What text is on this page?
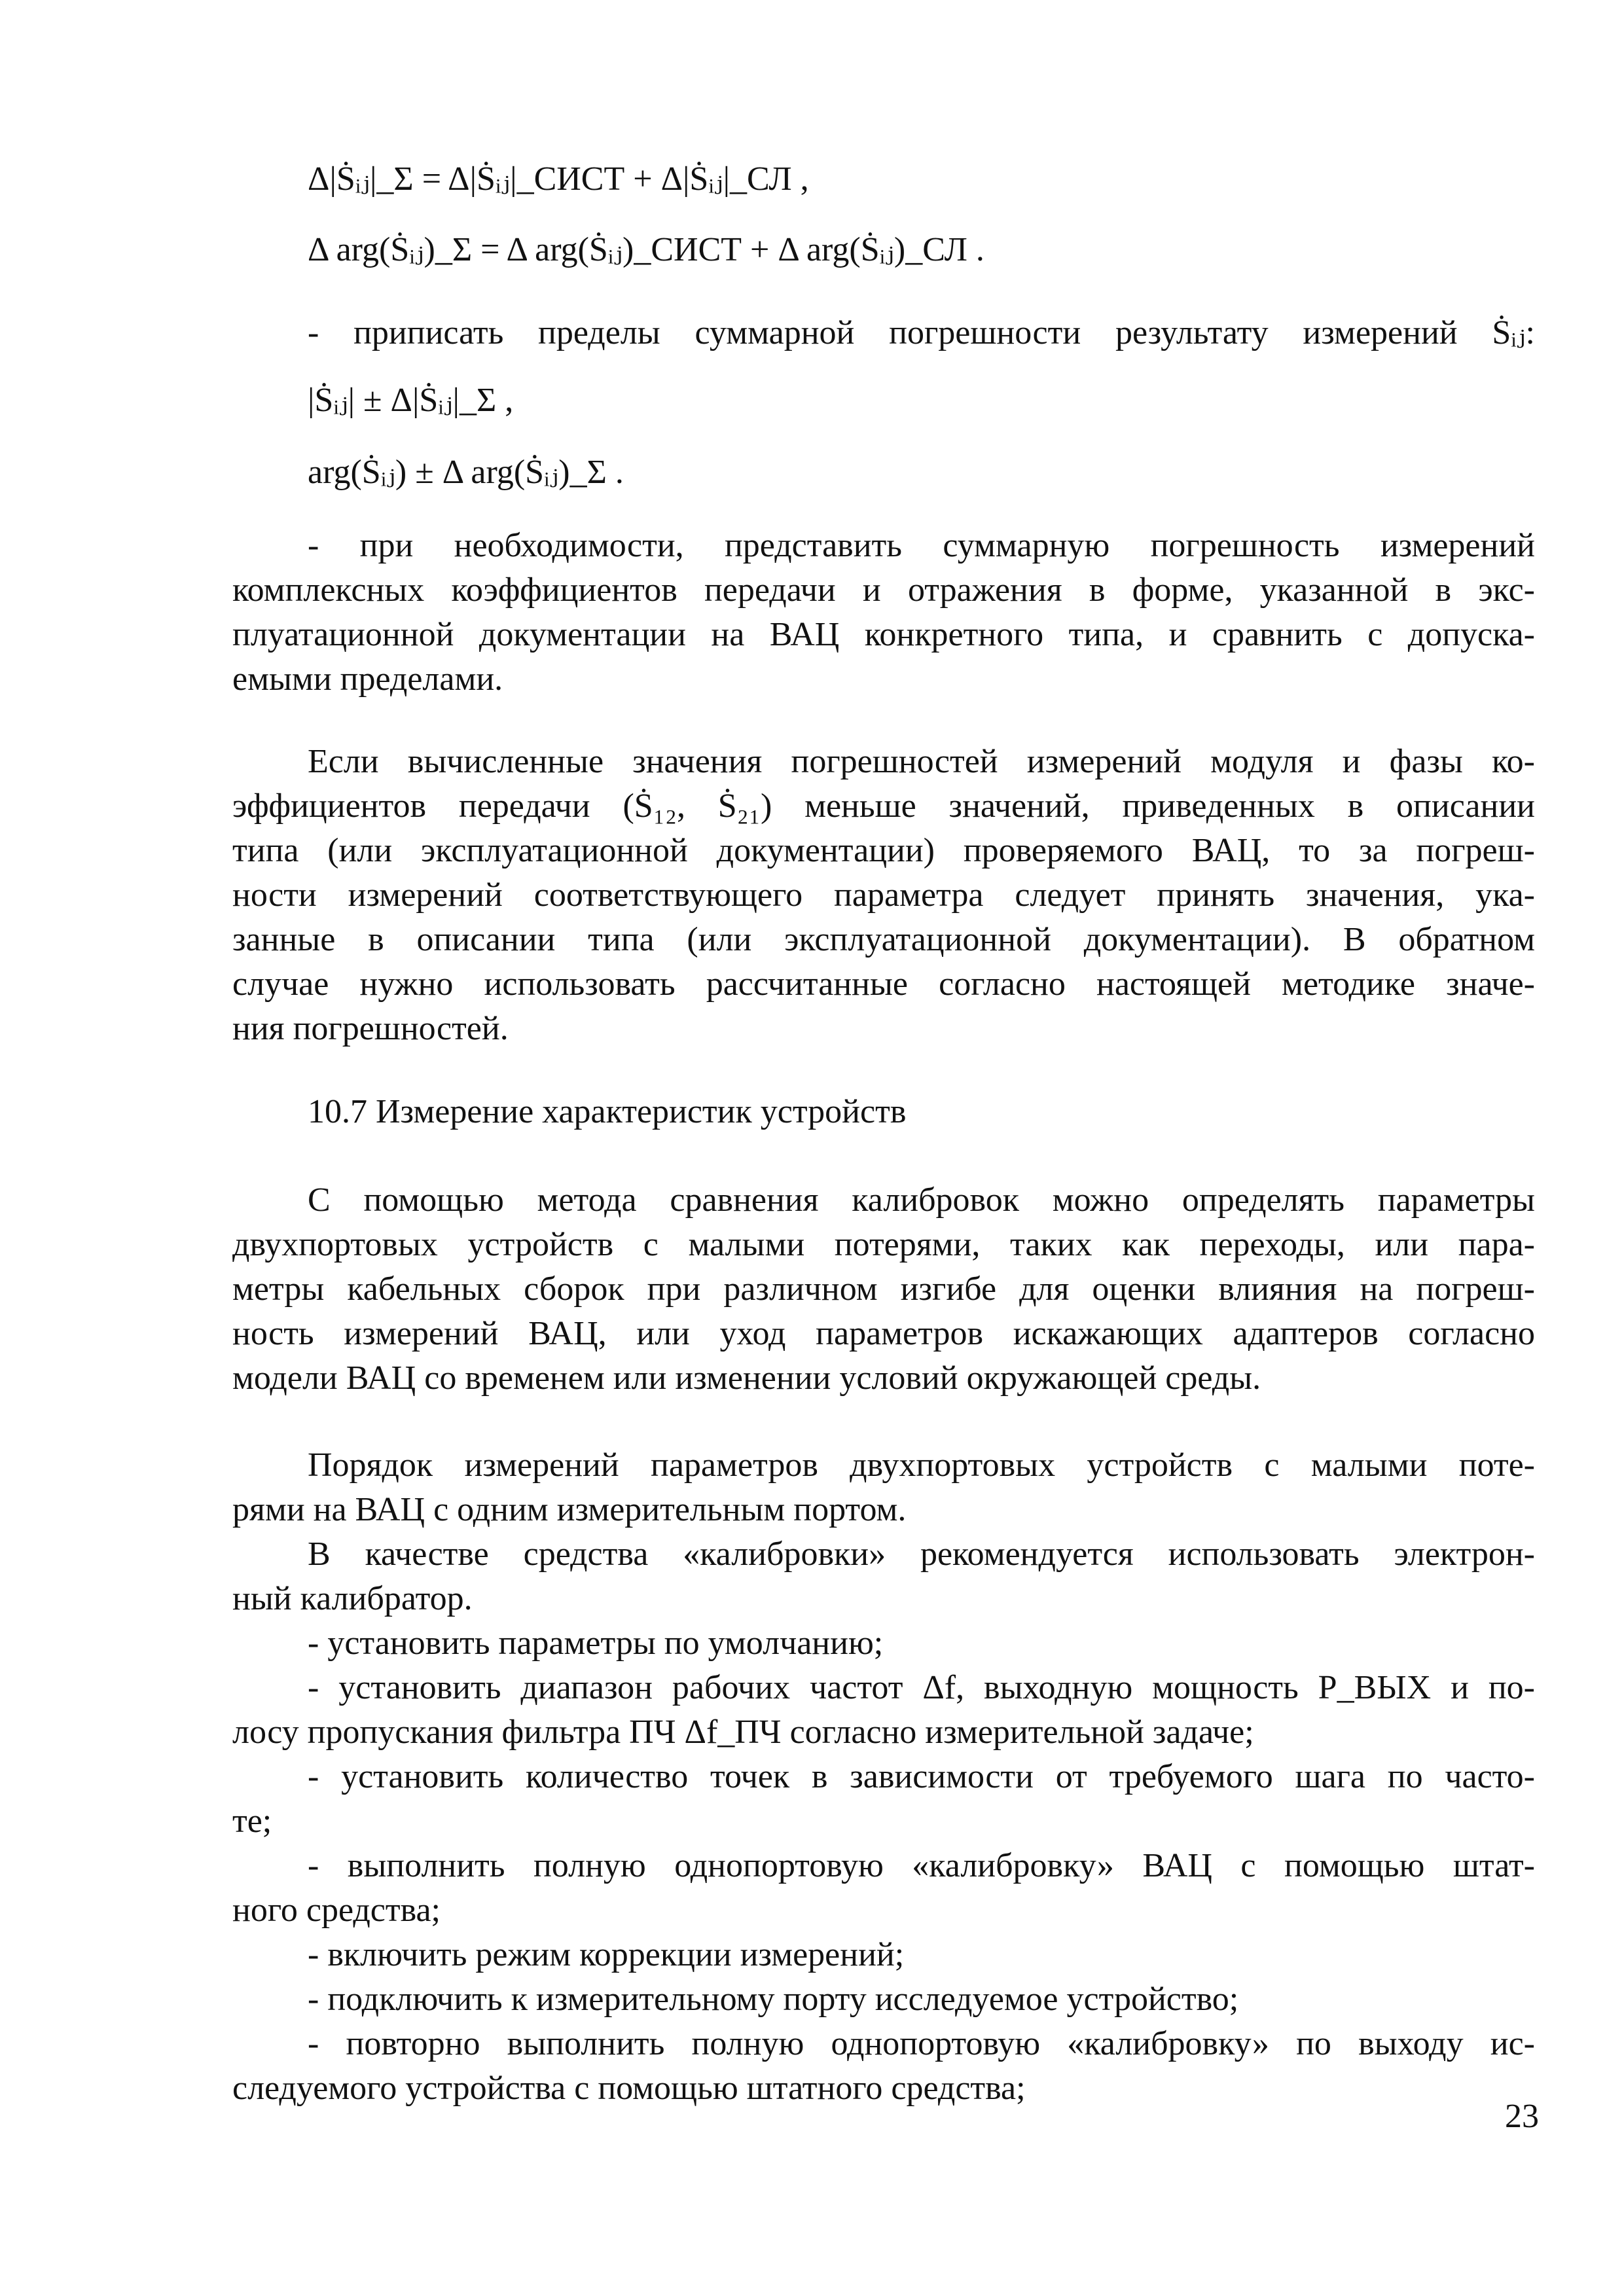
Δ|Ṡᵢⱼ|_Σ = Δ|Ṡᵢⱼ|_СИСТ + Δ|Ṡᵢⱼ|_СЛ ,
Δ arg(Ṡᵢⱼ)_Σ = Δ arg(Ṡᵢⱼ)_СИСТ + Δ arg(Ṡᵢⱼ)_СЛ .
- приписать пределы суммарной погрешности результату измерений Ṡᵢⱼ:
|Ṡᵢⱼ| ± Δ|Ṡᵢⱼ|_Σ ,
arg(Ṡᵢⱼ) ± Δ arg(Ṡᵢⱼ)_Σ .
- при необходимости, представить суммарную погрешность измерений
комплексных коэффициентов передачи и отражения в форме, указанной в экс-
плуатационной документации на ВАЦ конкретного типа, и сравнить с допуска-
емыми пределами.
Если вычисленные значения погрешностей измерений модуля и фазы ко-
эффициентов передачи (Ṡ₁₂, Ṡ₂₁) меньше значений, приведенных в описании
типа (или эксплуатационной документации) проверяемого ВАЦ, то за погреш-
ности измерений соответствующего параметра следует принять значения, ука-
занные в описании типа (или эксплуатационной документации). В обратном
случае нужно использовать рассчитанные согласно настоящей методике значе-
ния погрешностей.
10.7 Измерение характеристик устройств
С помощью метода сравнения калибровок можно определять параметры
двухпортовых устройств с малыми потерями, таких как переходы, или пара-
метры кабельных сборок при различном изгибе для оценки влияния на погреш-
ность измерений ВАЦ, или уход параметров искажающих адаптеров согласно
модели ВАЦ со временем или изменении условий окружающей среды.
Порядок измерений параметров двухпортовых устройств с малыми поте-
рями на ВАЦ с одним измерительным портом.
В качестве средства «калибровки» рекомендуется использовать электрон-
ный калибратор.
- установить параметры по умолчанию;
- установить диапазон рабочих частот Δf, выходную мощность P_ВЫХ и по-
лосу пропускания фильтра ПЧ Δf_ПЧ согласно измерительной задаче;
- установить количество точек в зависимости от требуемого шага по часто-
те;
- выполнить полную однопортовую «калибровку» ВАЦ с помощью штат-
ного средства;
- включить режим коррекции измерений;
- подключить к измерительному порту исследуемое устройство;
- повторно выполнить полную однопортовую «калибровку» по выходу ис-
следуемого устройства с помощью штатного средства;
23
